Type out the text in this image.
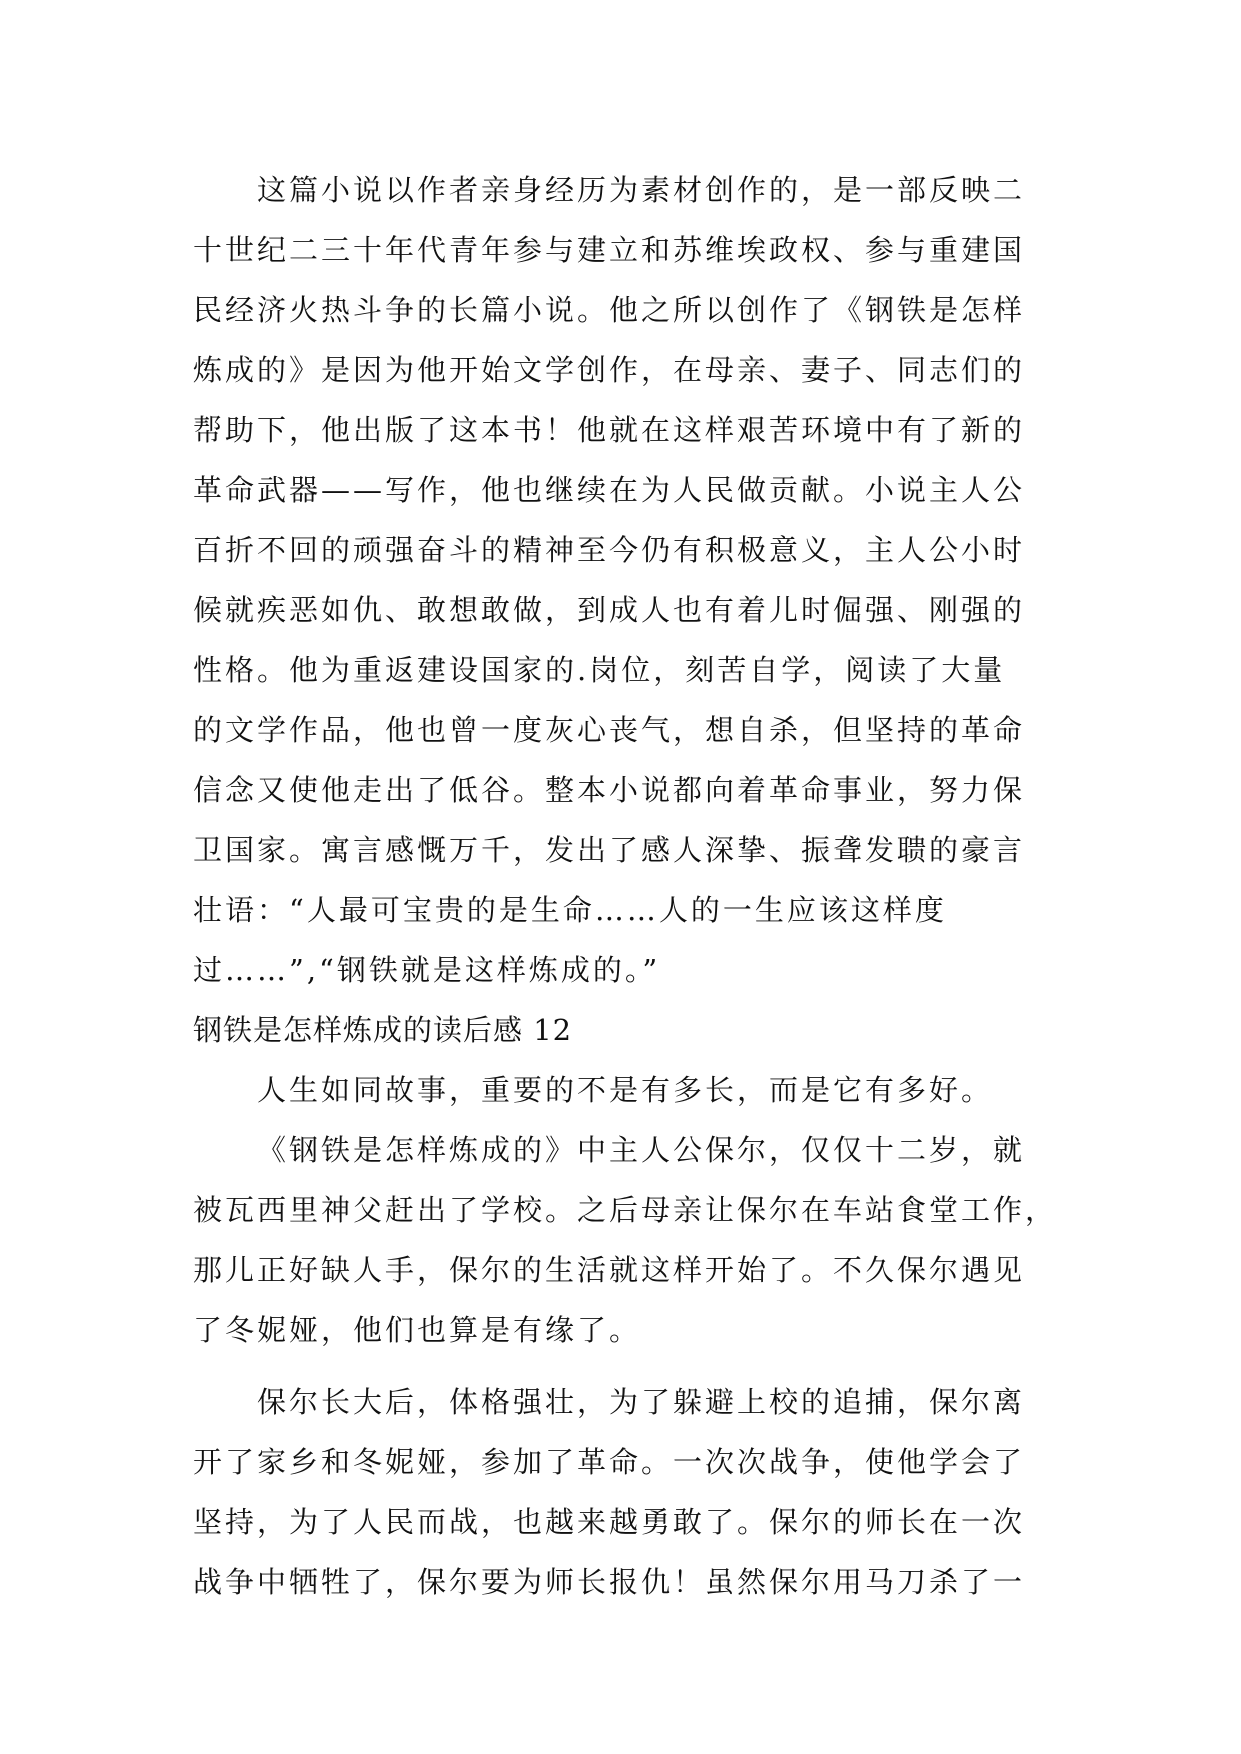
这篇小说以作者亲身经历为素材创作的，是一部反映二
十世纪二三十年代青年参与建立和苏维埃政权、参与重建国
民经济火热斗争的长篇小说。他之所以创作了《钢铁是怎样
炼成的》是因为他开始文学创作，在母亲、妻子、同志们的
帮助下，他出版了这本书！他就在这样艰苦环境中有了新的
革命武器——写作，他也继续在为人民做贡献。小说主人公
百折不回的顽强奋斗的精神至今仍有积极意义，主人公小时
候就疾恶如仇、敢想敢做，到成人也有着儿时倔强、刚强的
性格。他为重返建设国家的.岗位，刻苦自学，阅读了大量
的文学作品，他也曾一度灰心丧气，想自杀，但坚持的革命
信念又使他走出了低谷。整本小说都向着革命事业，努力保
卫国家。寓言感慨万千，发出了感人深挚、振聋发聩的豪言
壮语：“人最可宝贵的是生命……人的一生应该这样度
过……”,“钢铁就是这样炼成的。”
钢铁是怎样炼成的读后感 12
人生如同故事，重要的不是有多长，而是它有多好。
《钢铁是怎样炼成的》中主人公保尔，仅仅十二岁，就
被瓦西里神父赶出了学校。之后母亲让保尔在车站食堂工作，
那儿正好缺人手，保尔的生活就这样开始了。不久保尔遇见
了冬妮娅，他们也算是有缘了。
保尔长大后，体格强壮，为了躲避上校的追捕，保尔离
开了家乡和冬妮娅，参加了革命。一次次战争，使他学会了
坚持，为了人民而战，也越来越勇敢了。保尔的师长在一次
战争中牺牲了，保尔要为师长报仇！虽然保尔用马刀杀了一
